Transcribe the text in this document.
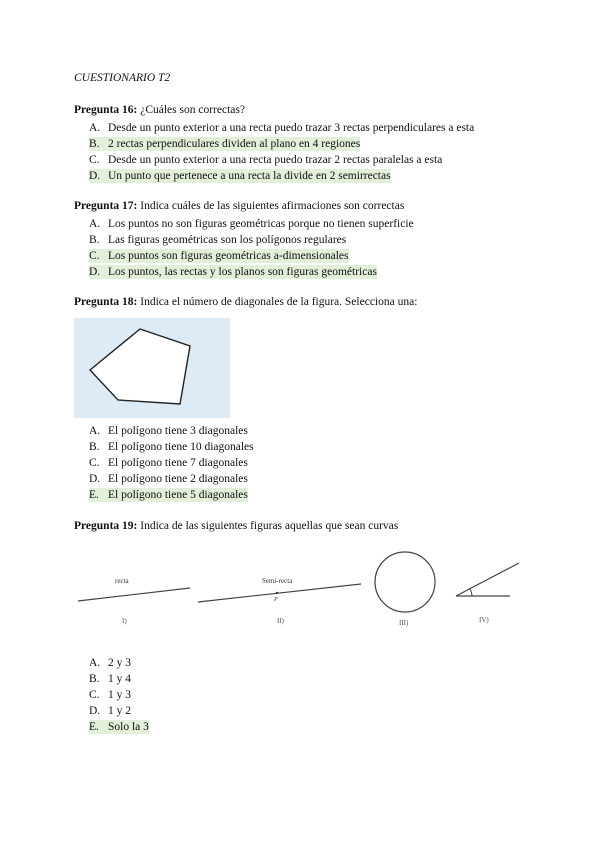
CUESTIONARIO T2
Pregunta 16: ¿Cuáles son correctas?
A. Desde un punto exterior a una recta puedo trazar 3 rectas perpendiculares a esta
B. 2 rectas perpendiculares dividen al plano en 4 regiones
C. Desde un punto exterior a una recta puedo trazar 2 rectas paralelas a esta
D. Un punto que pertenece a una recta la divide en 2 semirrectas
Pregunta 17: Indica cuáles de las siguientes afirmaciones son correctas
A. Los puntos no son figuras geométricas porque no tienen superficie
B. Las figuras geométricas son los polígonos regulares
C. Los puntos son figuras geométricas a-dimensionales
D. Los puntos, las rectas y los planos son figuras geométricas
Pregunta 18: Indica el número de diagonales de la figura. Selecciona una:
A. El polígono tiene 3 diagonales
B. El polígono tiene 10 diagonales
C. El polígono tiene 7 diagonales
D. El polígono tiene 2 diagonales
E. El polígono tiene 5 diagonales
Pregunta 19: Indica de las siguientes figuras aquellas que sean curvas
recta
I)
Semi-recta
P
II)	III)	IV)
A. 2 y 3
B. 1 y 4
C. 1 y 3
D. 1 y 2
E. Solo la 3
